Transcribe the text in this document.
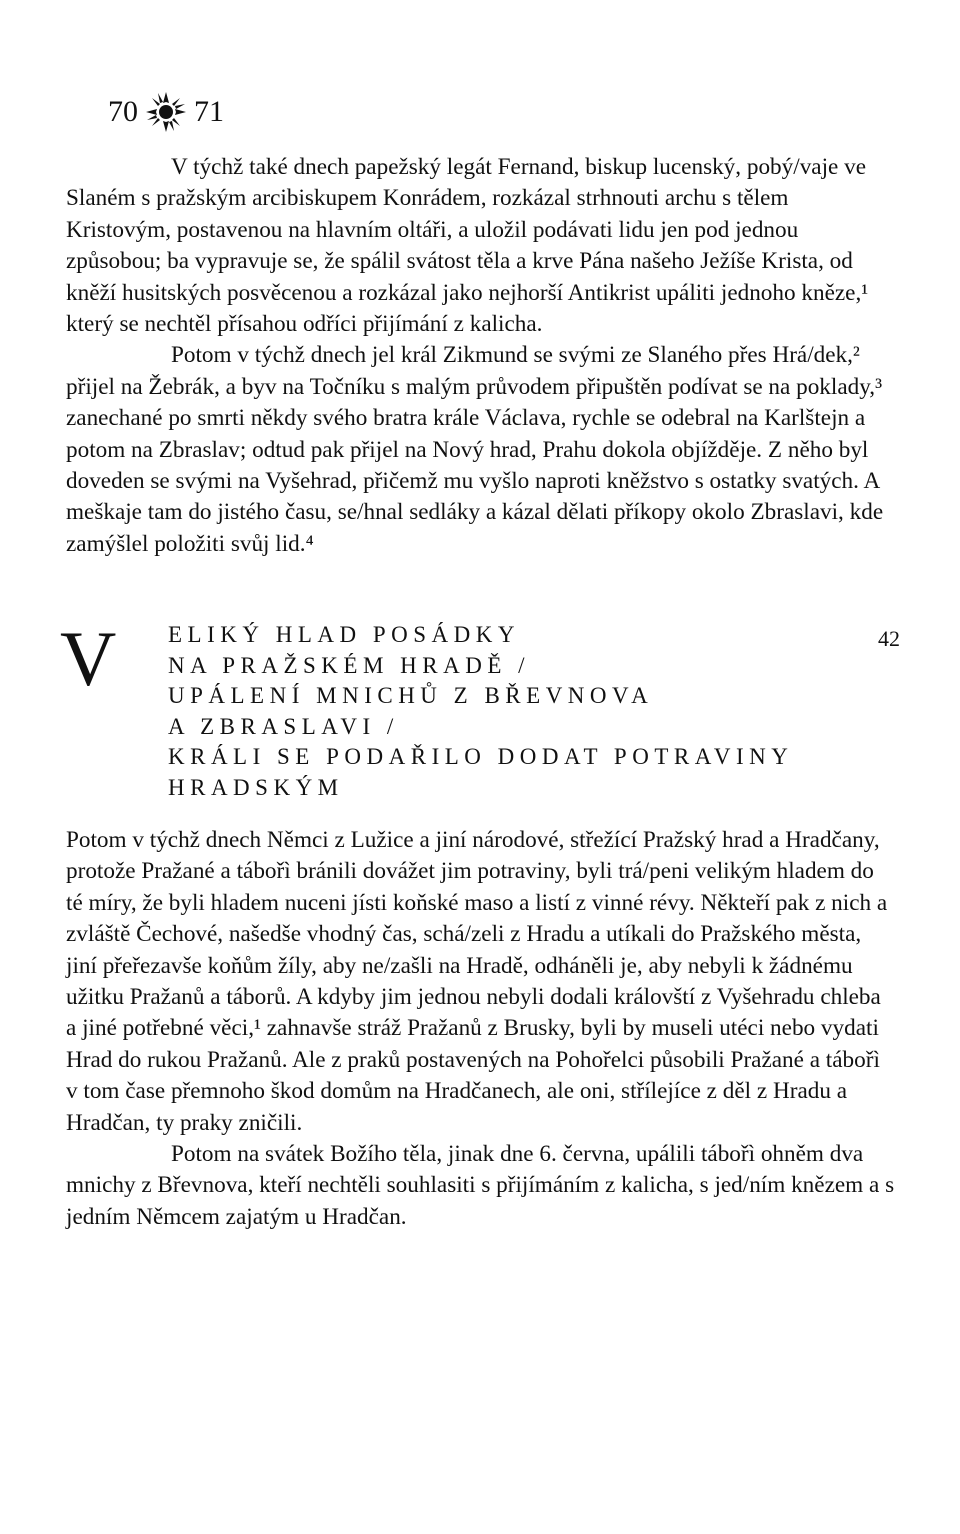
70 71

V týchž také dnech papežský legát Fernand, biskup lucenský, pobý/vaje ve Slaném s pražským arcibiskupem Konrádem, rozkázal strhnouti archu s tělem Kristovým, postavenou na hlavním oltáři, a uložil podávati lidu jen pod jednou způsobou; ba vypravuje se, že spálil svátost těla a krve Pána našeho Ježíše Krista, od kněží husitských posvěcenou a rozkázal jako nejhorší Antikrist upáliti jednoho kněze,¹ který se nechtěl přísahou odříci přijímání z kalicha.

Potom v týchž dnech jel král Zikmund se svými ze Slaného přes Hrá/dek,² přijel na Žebrák, a byv na Točníku s malým průvodem připuštěn podívat se na poklady,³ zanechané po smrti někdy svého bratra krále Václava, rychle se odebral na Karlštejn a potom na Zbraslav; odtud pak přijel na Nový hrad, Prahu dokola objížděje. Z něho byl doveden se svými na Vyšehrad, přičemž mu vyšlo naproti kněžstvo s ostatky svatých. A meškaje tam do jistého času, se/hnal sedláky a kázal dělati příkopy okolo Zbraslavi, kde zamýšlel položiti svůj lid.⁴

V ELIKÝ HLAD POSÁDKY
NA PRAŽSKÉM HRADĚ /
UPÁLENÍ MNICHŮ Z BŘEVNOVA
A ZBRASLAVI /
KRÁLI SE PODAŘILO DODAT POTRAVINY
HRADSKÝM
42

Potom v týchž dnech Němci z Lužice a jiní národové, střežící Pražský hrad a Hradčany, protože Pražané a tábořì bránili dovážet jim potraviny, byli trá/peni velikým hladem do té míry, že byli hladem nuceni jísti koňské maso a listí z vinné révy. Někteří pak z nich a zvláště Čechové, našedše vhodný čas, schá/zeli z Hradu a utíkali do Pražského města, jiní přeřezavše koňům žíly, aby ne/zašli na Hradě, odháněli je, aby nebyli k žádnému užitku Pražanů a táborů. A kdyby jim jednou nebyli dodali královští z Vyšehradu chleba a jiné potřebné věci,¹ zahnavše stráž Pražanů z Brusky, byli by museli utéci nebo vydati Hrad do rukou Pražanů. Ale z praků postavených na Pohořelci působili Pražané a tábořì v tom čase přemnoho škod domům na Hradčanech, ale oni, střílejíce z děl z Hradu a Hradčan, ty praky zničili.

Potom na svátek Božího těla, jinak dne 6. června, upálili tábořì ohněm dva mnichy z Břevnova, kteří nechtěli souhlasiti s přijímáním z kalicha, s jed/ním knězem a s jedním Němcem zajatým u Hradčan.
